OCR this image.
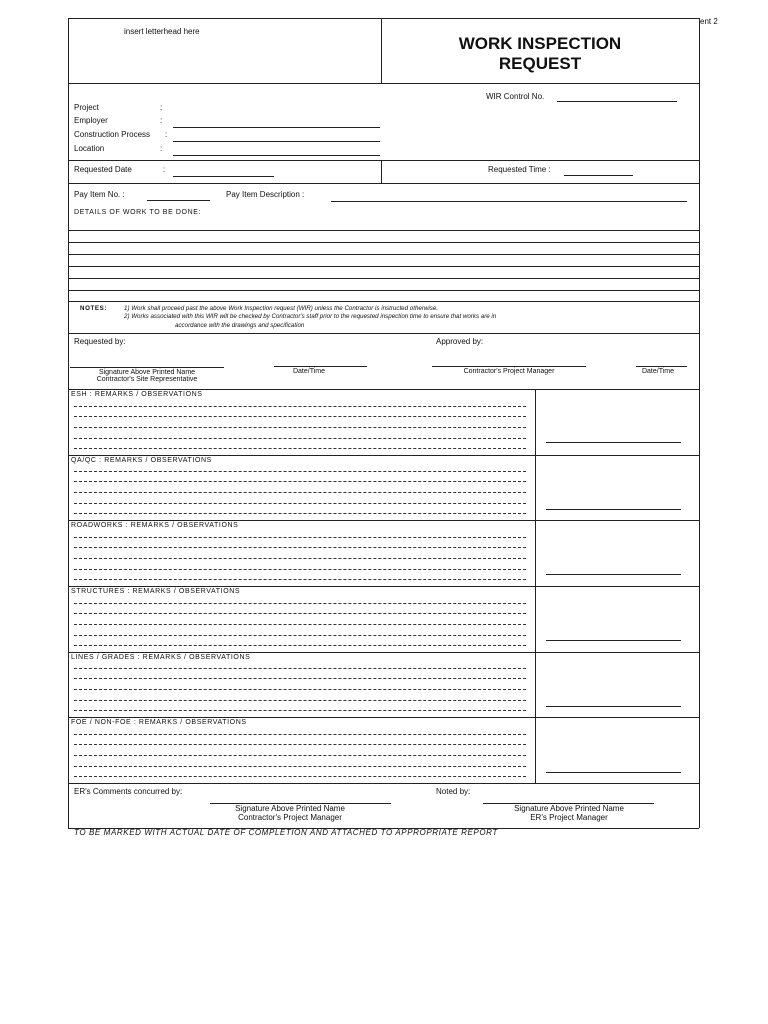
ent 2
insert letterhead here
WORK INSPECTION
REQUEST
WIR Control No.
Project	:
Employer	:
Construction Process :
Location	:
Requested Date	:	Requested Time :
Pay Item No. :	Pay Item Description :
DETAILS OF WORK TO BE DONE:
NOTES:	1) Work shall proceed past the above Work Inspection request (WIR) unless the Contractor is instructed otherwise.
2) Works associated with this WIR will be checked by Contractor's staff prior to the requested inspection time to ensure that works are in
accordance with the drawings and specification
Requested by:	Approved by:
Signature Above Printed Name
Contractor's Site Representative
Date/Time	Contractor's Project Manager	Date/Time
ESH : REMARKS / OBSERVATIONS
QA/QC : REMARKS / OBSERVATIONS
ROADWORKS : REMARKS / OBSERVATIONS
STRUCTURES : REMARKS / OBSERVATIONS
LINES / GRADES : REMARKS / OBSERVATIONS
FOE / NON-FOE : REMARKS / OBSERVATIONS
ER's Comments concurred by:	Noted by:
Signature Above Printed Name
Contractor's Project Manager
Signature Above Printed Name
ER's Project Manager
TO BE MARKED WITH ACTUAL DATE OF COMPLETION AND ATTACHED TO APPROPRIATE REPORT
